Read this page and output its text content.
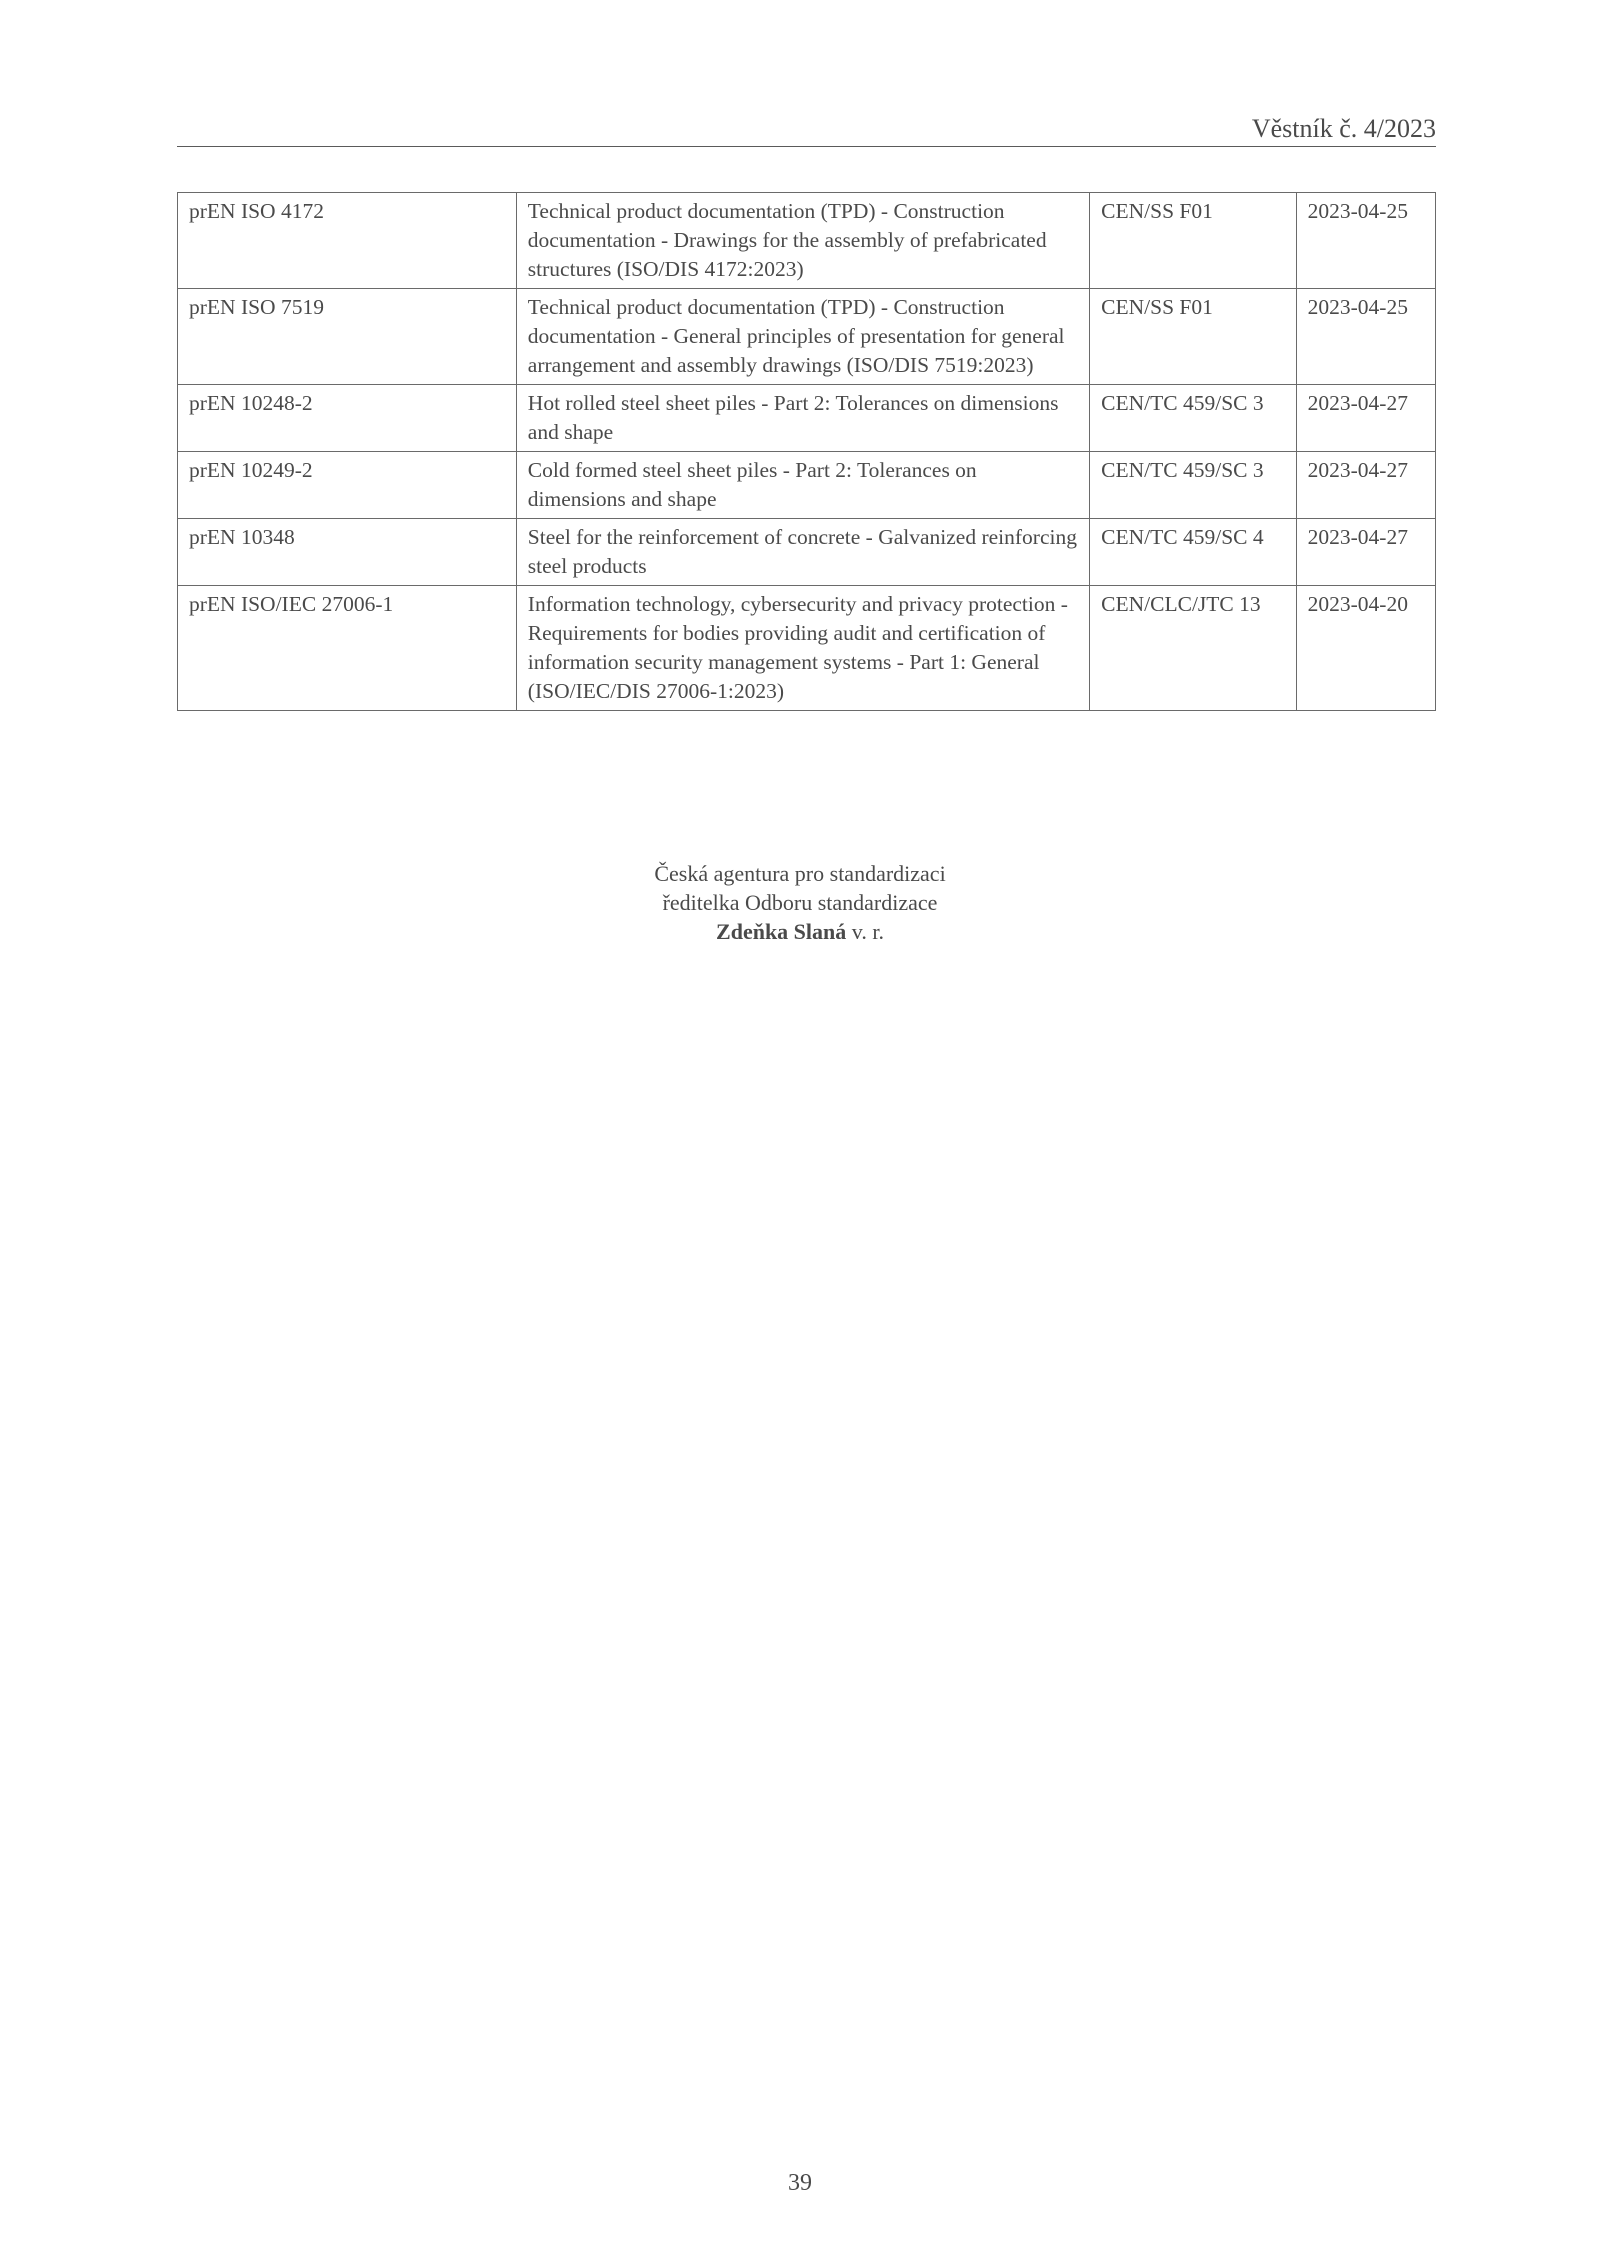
Věstník č. 4/2023
prEN ISO 4172	Technical product documentation (TPD) - Construction documentation - Drawings for the assembly of prefabricated structures (ISO/DIS 4172:2023)	CEN/SS F01	2023-04-25
prEN ISO 7519	Technical product documentation (TPD) - Construction documentation - General principles of presentation for general arrangement and assembly drawings (ISO/DIS 7519:2023)	CEN/SS F01	2023-04-25
prEN 10248-2	Hot rolled steel sheet piles - Part 2: Tolerances on dimensions and shape	CEN/TC 459/SC 3	2023-04-27
prEN 10249-2	Cold formed steel sheet piles - Part 2: Tolerances on dimensions and shape	CEN/TC 459/SC 3	2023-04-27
prEN 10348	Steel for the reinforcement of concrete - Galvanized reinforcing steel products	CEN/TC 459/SC 4	2023-04-27
prEN ISO/IEC 27006-1	Information technology, cybersecurity and privacy protection - Requirements for bodies providing audit and certification of information security management systems - Part 1: General (ISO/IEC/DIS 27006-1:2023)	CEN/CLC/JTC 13	2023-04-20
Česká agentura pro standardizaci
ředitelka Odboru standardizace
Zdeňka Slaná v. r.
39
